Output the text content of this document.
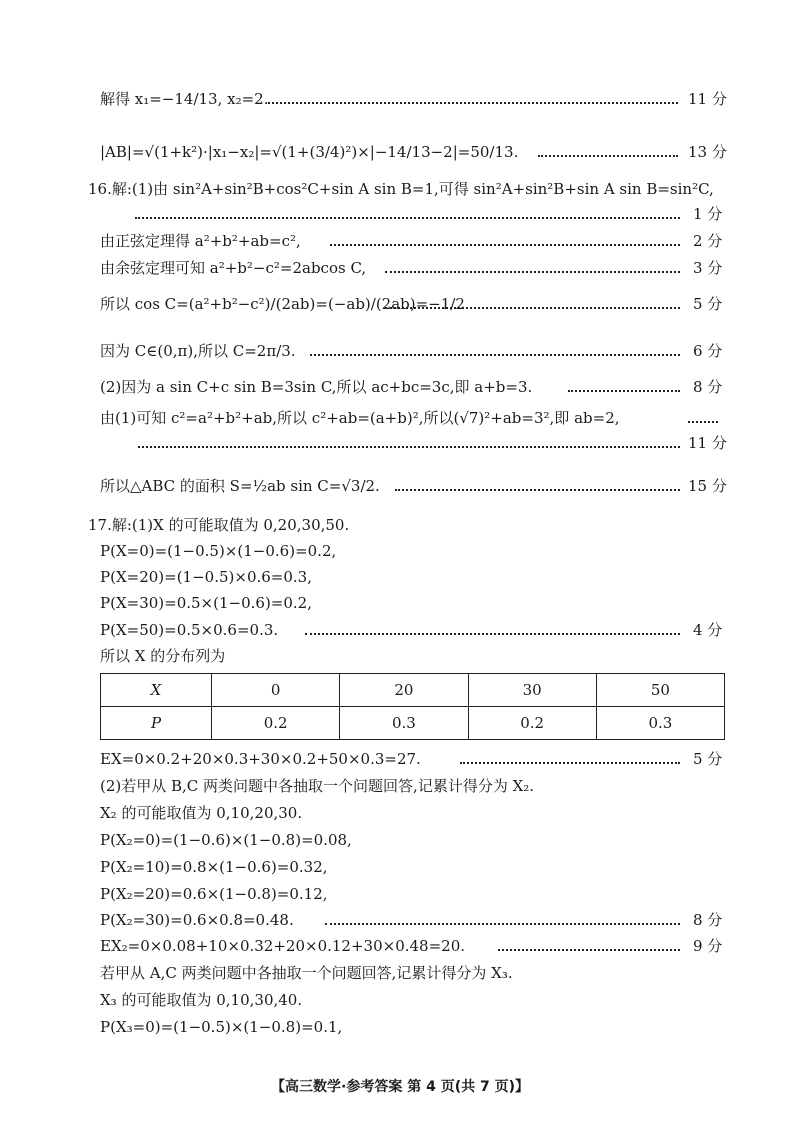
解得 x₁=−14/13, x₂=2.	11 分
|AB|=√(1+k²)·|x₁−x₂|=√(1+(3/4)²)×|−14/13−2|=50/13.	13 分
16.解:(1)由 sin²A+sin²B+cos²C+sin A sin B=1,可得 sin²A+sin²B+sin A sin B=sin²C,
1 分
由正弦定理得 a²+b²+ab=c²,	2 分
由余弦定理可知 a²+b²−c²=2abcos C,	3 分
所以 cos C=(a²+b²−c²)/(2ab)=(−ab)/(2ab)=−1/2.	5 分
因为 C∈(0,π),所以 C=2π/3.	6 分
(2)因为 a sin C+c sin B=3sin C,所以 ac+bc=3c,即 a+b=3.	8 分
由(1)可知 c²=a²+b²+ab,所以 c²+ab=(a+b)²,所以(√7)²+ab=3²,即 ab=2,
11 分
所以△ABC 的面积 S=½ab sin C=√3/2.	15 分
17.解:(1)X 的可能取值为 0,20,30,50.
P(X=0)=(1−0.5)×(1−0.6)=0.2,
P(X=20)=(1−0.5)×0.6=0.3,
P(X=30)=0.5×(1−0.6)=0.2,
P(X=50)=0.5×0.6=0.3.	4 分
所以 X 的分布列为
X	0	20	30	50
P	0.2	0.3	0.2	0.3
EX=0×0.2+20×0.3+30×0.2+50×0.3=27.	5 分
(2)若甲从 B,C 两类问题中各抽取一个问题回答,记累计得分为 X₂.
X₂ 的可能取值为 0,10,20,30.
P(X₂=0)=(1−0.6)×(1−0.8)=0.08,
P(X₂=10)=0.8×(1−0.6)=0.32,
P(X₂=20)=0.6×(1−0.8)=0.12,
P(X₂=30)=0.6×0.8=0.48.	8 分
EX₂=0×0.08+10×0.32+20×0.12+30×0.48=20.	9 分
若甲从 A,C 两类问题中各抽取一个问题回答,记累计得分为 X₃.
X₃ 的可能取值为 0,10,30,40.
P(X₃=0)=(1−0.5)×(1−0.8)=0.1,
【高三数学·参考答案 第 4 页(共 7 页)】
